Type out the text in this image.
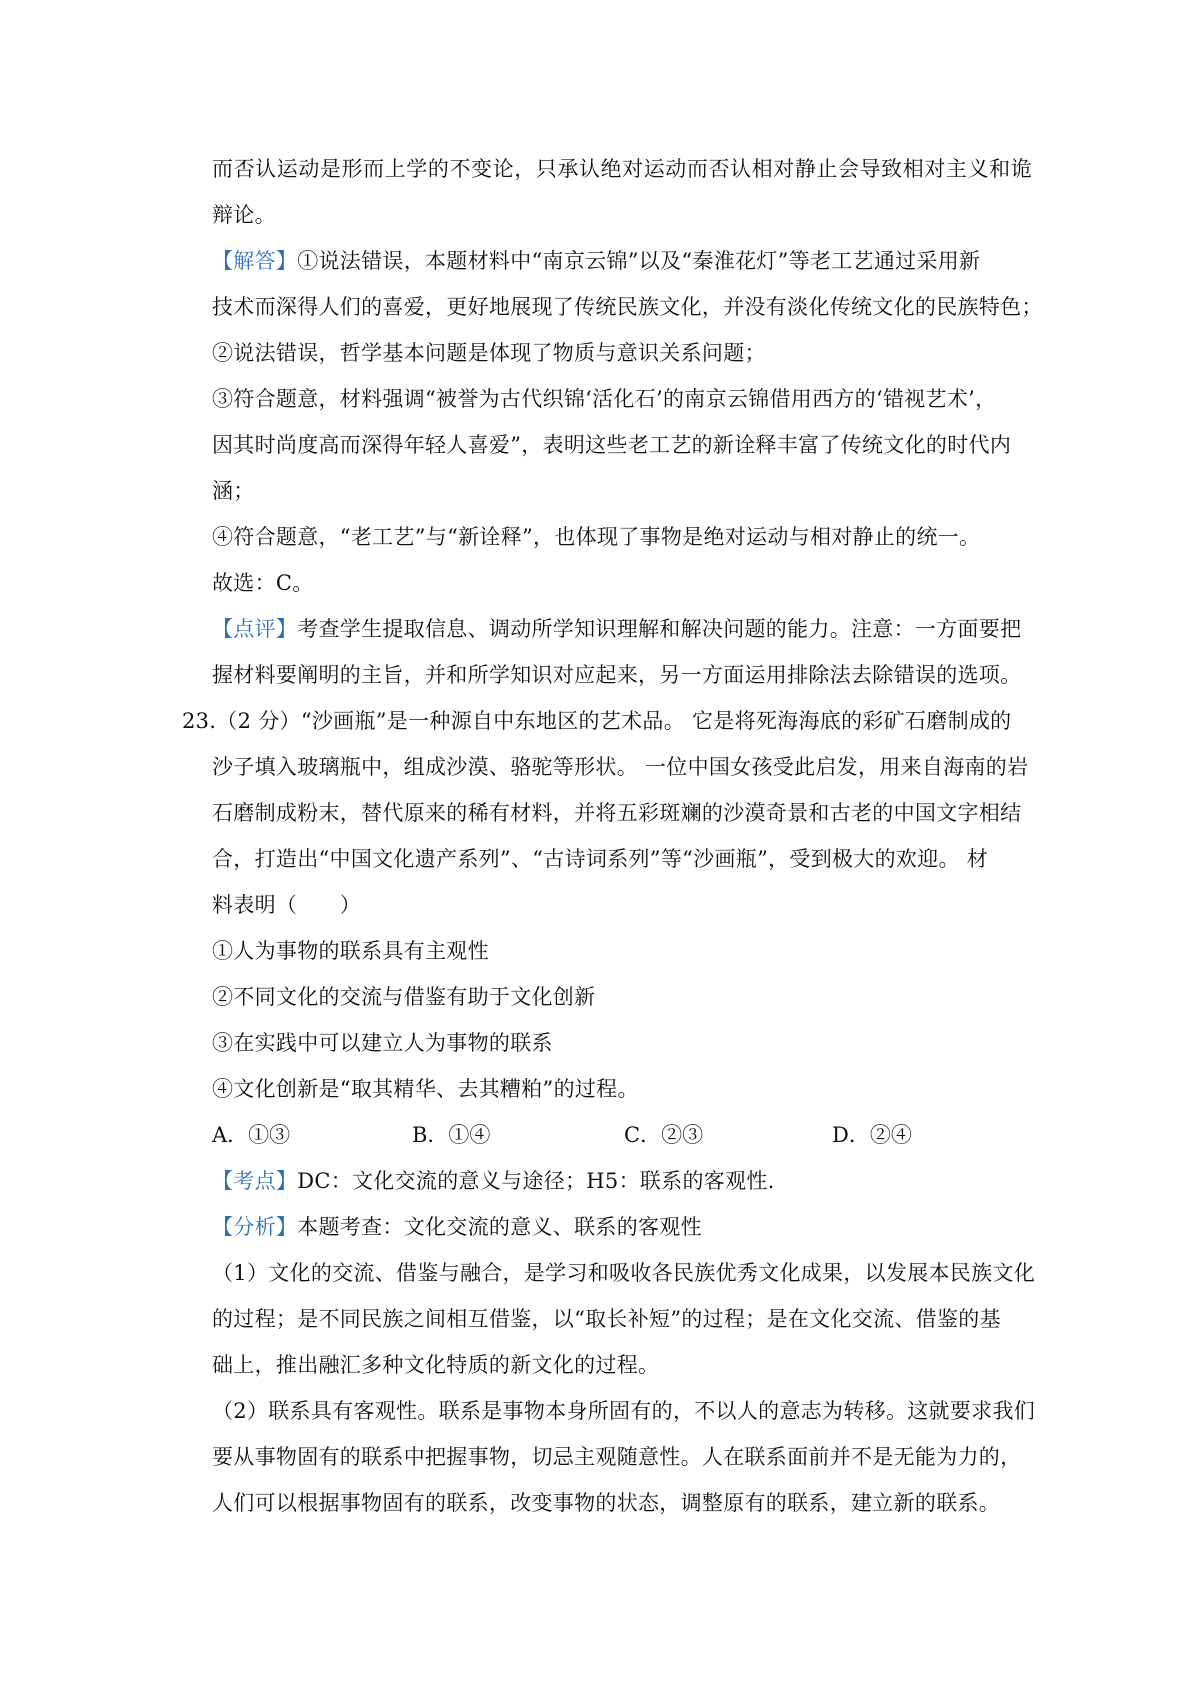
而否认运动是形而上学的不变论，只承认绝对运动而否认相对静止会导致相对主义和诡
辩论。
【解答】①说法错误，本题材料中“南京云锦”以及“秦淮花灯”等老工艺通过采用新
技术而深得人们的喜爱，更好地展现了传统民族文化，并没有淡化传统文化的民族特色；
②说法错误，哲学基本问题是体现了物质与意识关系问题；
③符合题意，材料强调“被誉为古代织锦‘活化石’的南京云锦借用西方的‘错视艺术’，
因其时尚度高而深得年轻人喜爱”，表明这些老工艺的新诠释丰富了传统文化的时代内
涵；
④符合题意，“老工艺”与“新诠释”，也体现了事物是绝对运动与相对静止的统一。
故选：C。
【点评】考查学生提取信息、调动所学知识理解和解决问题的能力。注意：一方面要把
握材料要阐明的主旨，并和所学知识对应起来，另一方面运用排除法去除错误的选项。
23.（2 分）“沙画瓶”是一种源自中东地区的艺术品。 它是将死海海底的彩矿石磨制成的
沙子填入玻璃瓶中，组成沙漠、骆驼等形状。 一位中国女孩受此启发，用来自海南的岩
石磨制成粉末，替代原来的稀有材料，并将五彩斑斓的沙漠奇景和古老的中国文字相结
合，打造出“中国文化遗产系列”、“古诗词系列”等“沙画瓶”，受到极大的欢迎。 材
料表明（　　）
①人为事物的联系具有主观性
②不同文化的交流与借鉴有助于文化创新
③在实践中可以建立人为事物的联系
④文化创新是“取其精华、去其糟粕”的过程。
A．①③	B．①④	C．②③	D．②④
【考点】DC：文化交流的意义与途径；H5：联系的客观性.
【分析】本题考查：文化交流的意义、联系的客观性
（1）文化的交流、借鉴与融合，是学习和吸收各民族优秀文化成果，以发展本民族文化
的过程；是不同民族之间相互借鉴，以“取长补短”的过程；是在文化交流、借鉴的基
础上，推出融汇多种文化特质的新文化的过程。
（2）联系具有客观性。联系是事物本身所固有的，不以人的意志为转移。这就要求我们
要从事物固有的联系中把握事物，切忌主观随意性。人在联系面前并不是无能为力的，
人们可以根据事物固有的联系，改变事物的状态，调整原有的联系，建立新的联系。
